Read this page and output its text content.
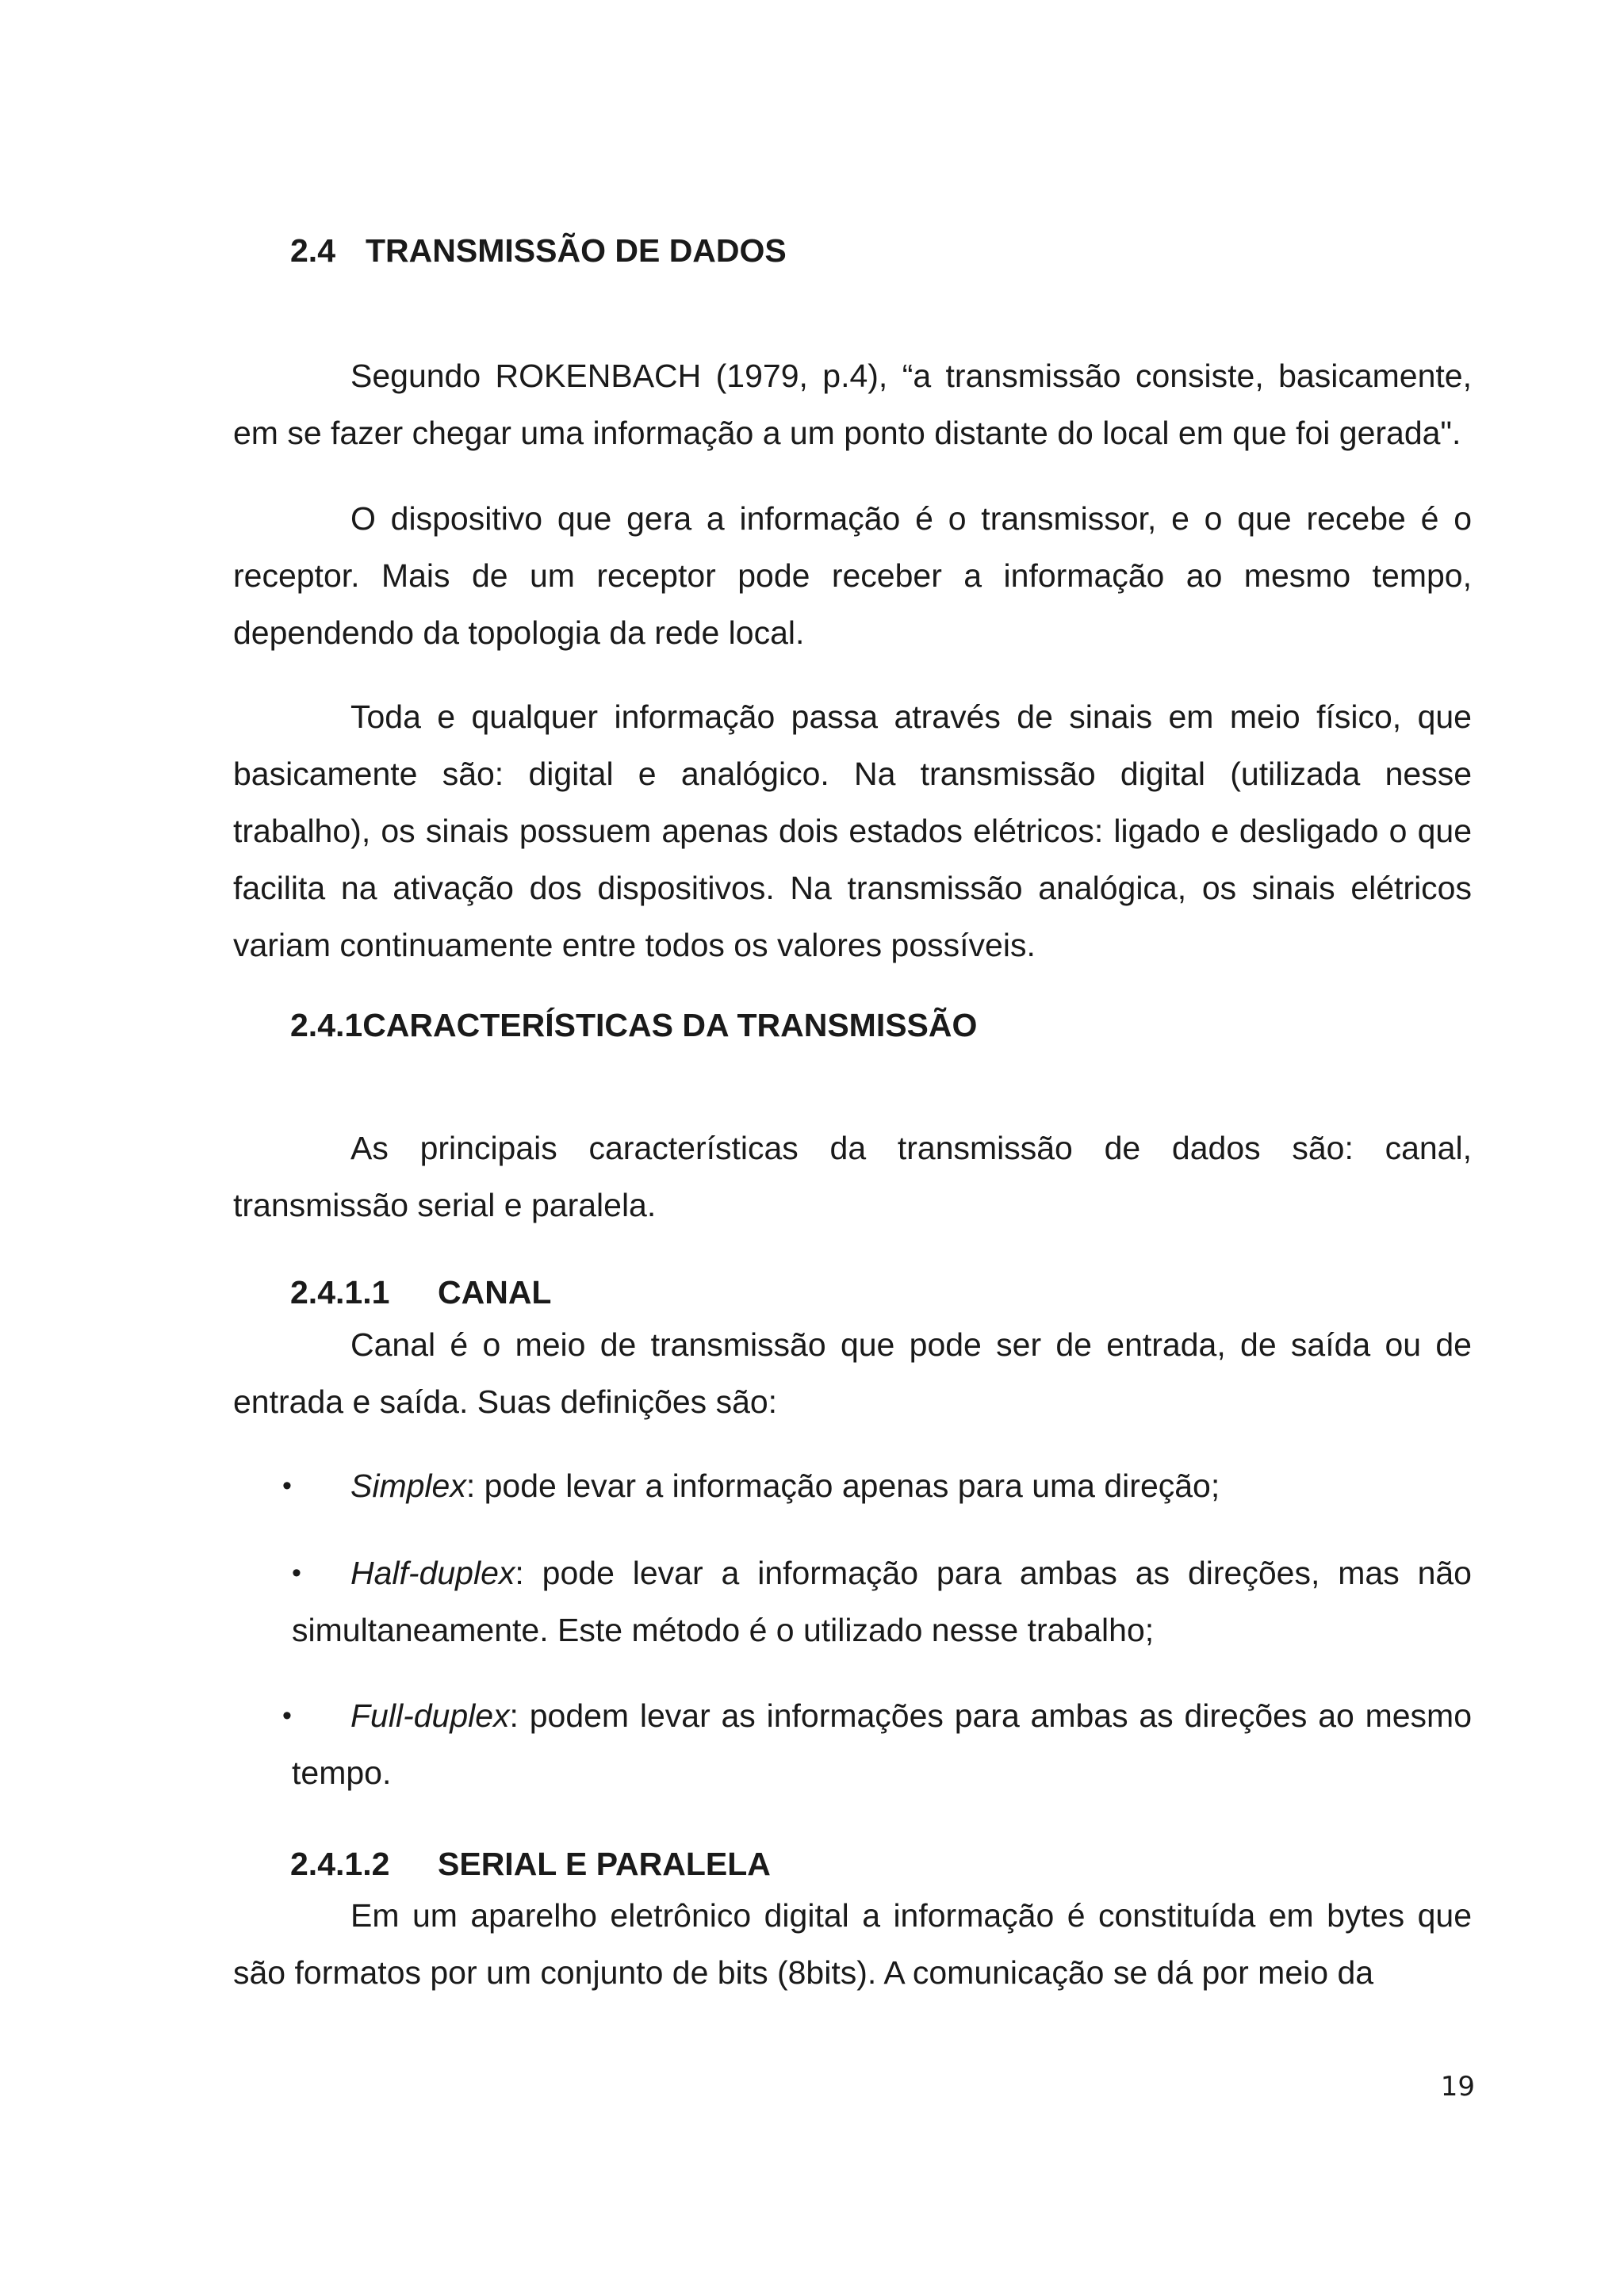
2.4 TRANSMISSÃO DE DADOS

Segundo ROKENBACH (1979, p.4), “a transmissão consiste, basicamente, em se fazer chegar uma informação a um ponto distante do local em que foi gerada".

O dispositivo que gera a informação é o transmissor, e o que recebe é o receptor. Mais de um receptor pode receber a informação ao mesmo tempo, dependendo da topologia da rede local.

Toda e qualquer informação passa através de sinais em meio físico, que basicamente são: digital e analógico. Na transmissão digital (utilizada nesse trabalho), os sinais possuem apenas dois estados elétricos: ligado e desligado o que facilita na ativação dos dispositivos. Na transmissão analógica, os sinais elétricos variam continuamente entre todos os valores possíveis.

2.4.1CARACTERÍSTICAS DA TRANSMISSÃO

As principais características da transmissão de dados são: canal, transmissão serial e paralela.

2.4.1.1 CANAL

Canal é o meio de transmissão que pode ser de entrada, de saída ou de entrada e saída. Suas definições são:

•	Simplex: pode levar a informação apenas para uma direção;
•	Half-duplex: pode levar a informação para ambas as direções, mas não simultaneamente. Este método é o utilizado nesse trabalho;
•	Full-duplex: podem levar as informações para ambas as direções ao mesmo tempo.
2.4.1.2 SERIAL E PARALELA

Em um aparelho eletrônico digital a informação é constituída em bytes que são formatos por um conjunto de bits (8bits). A comunicação se dá por meio da

19
